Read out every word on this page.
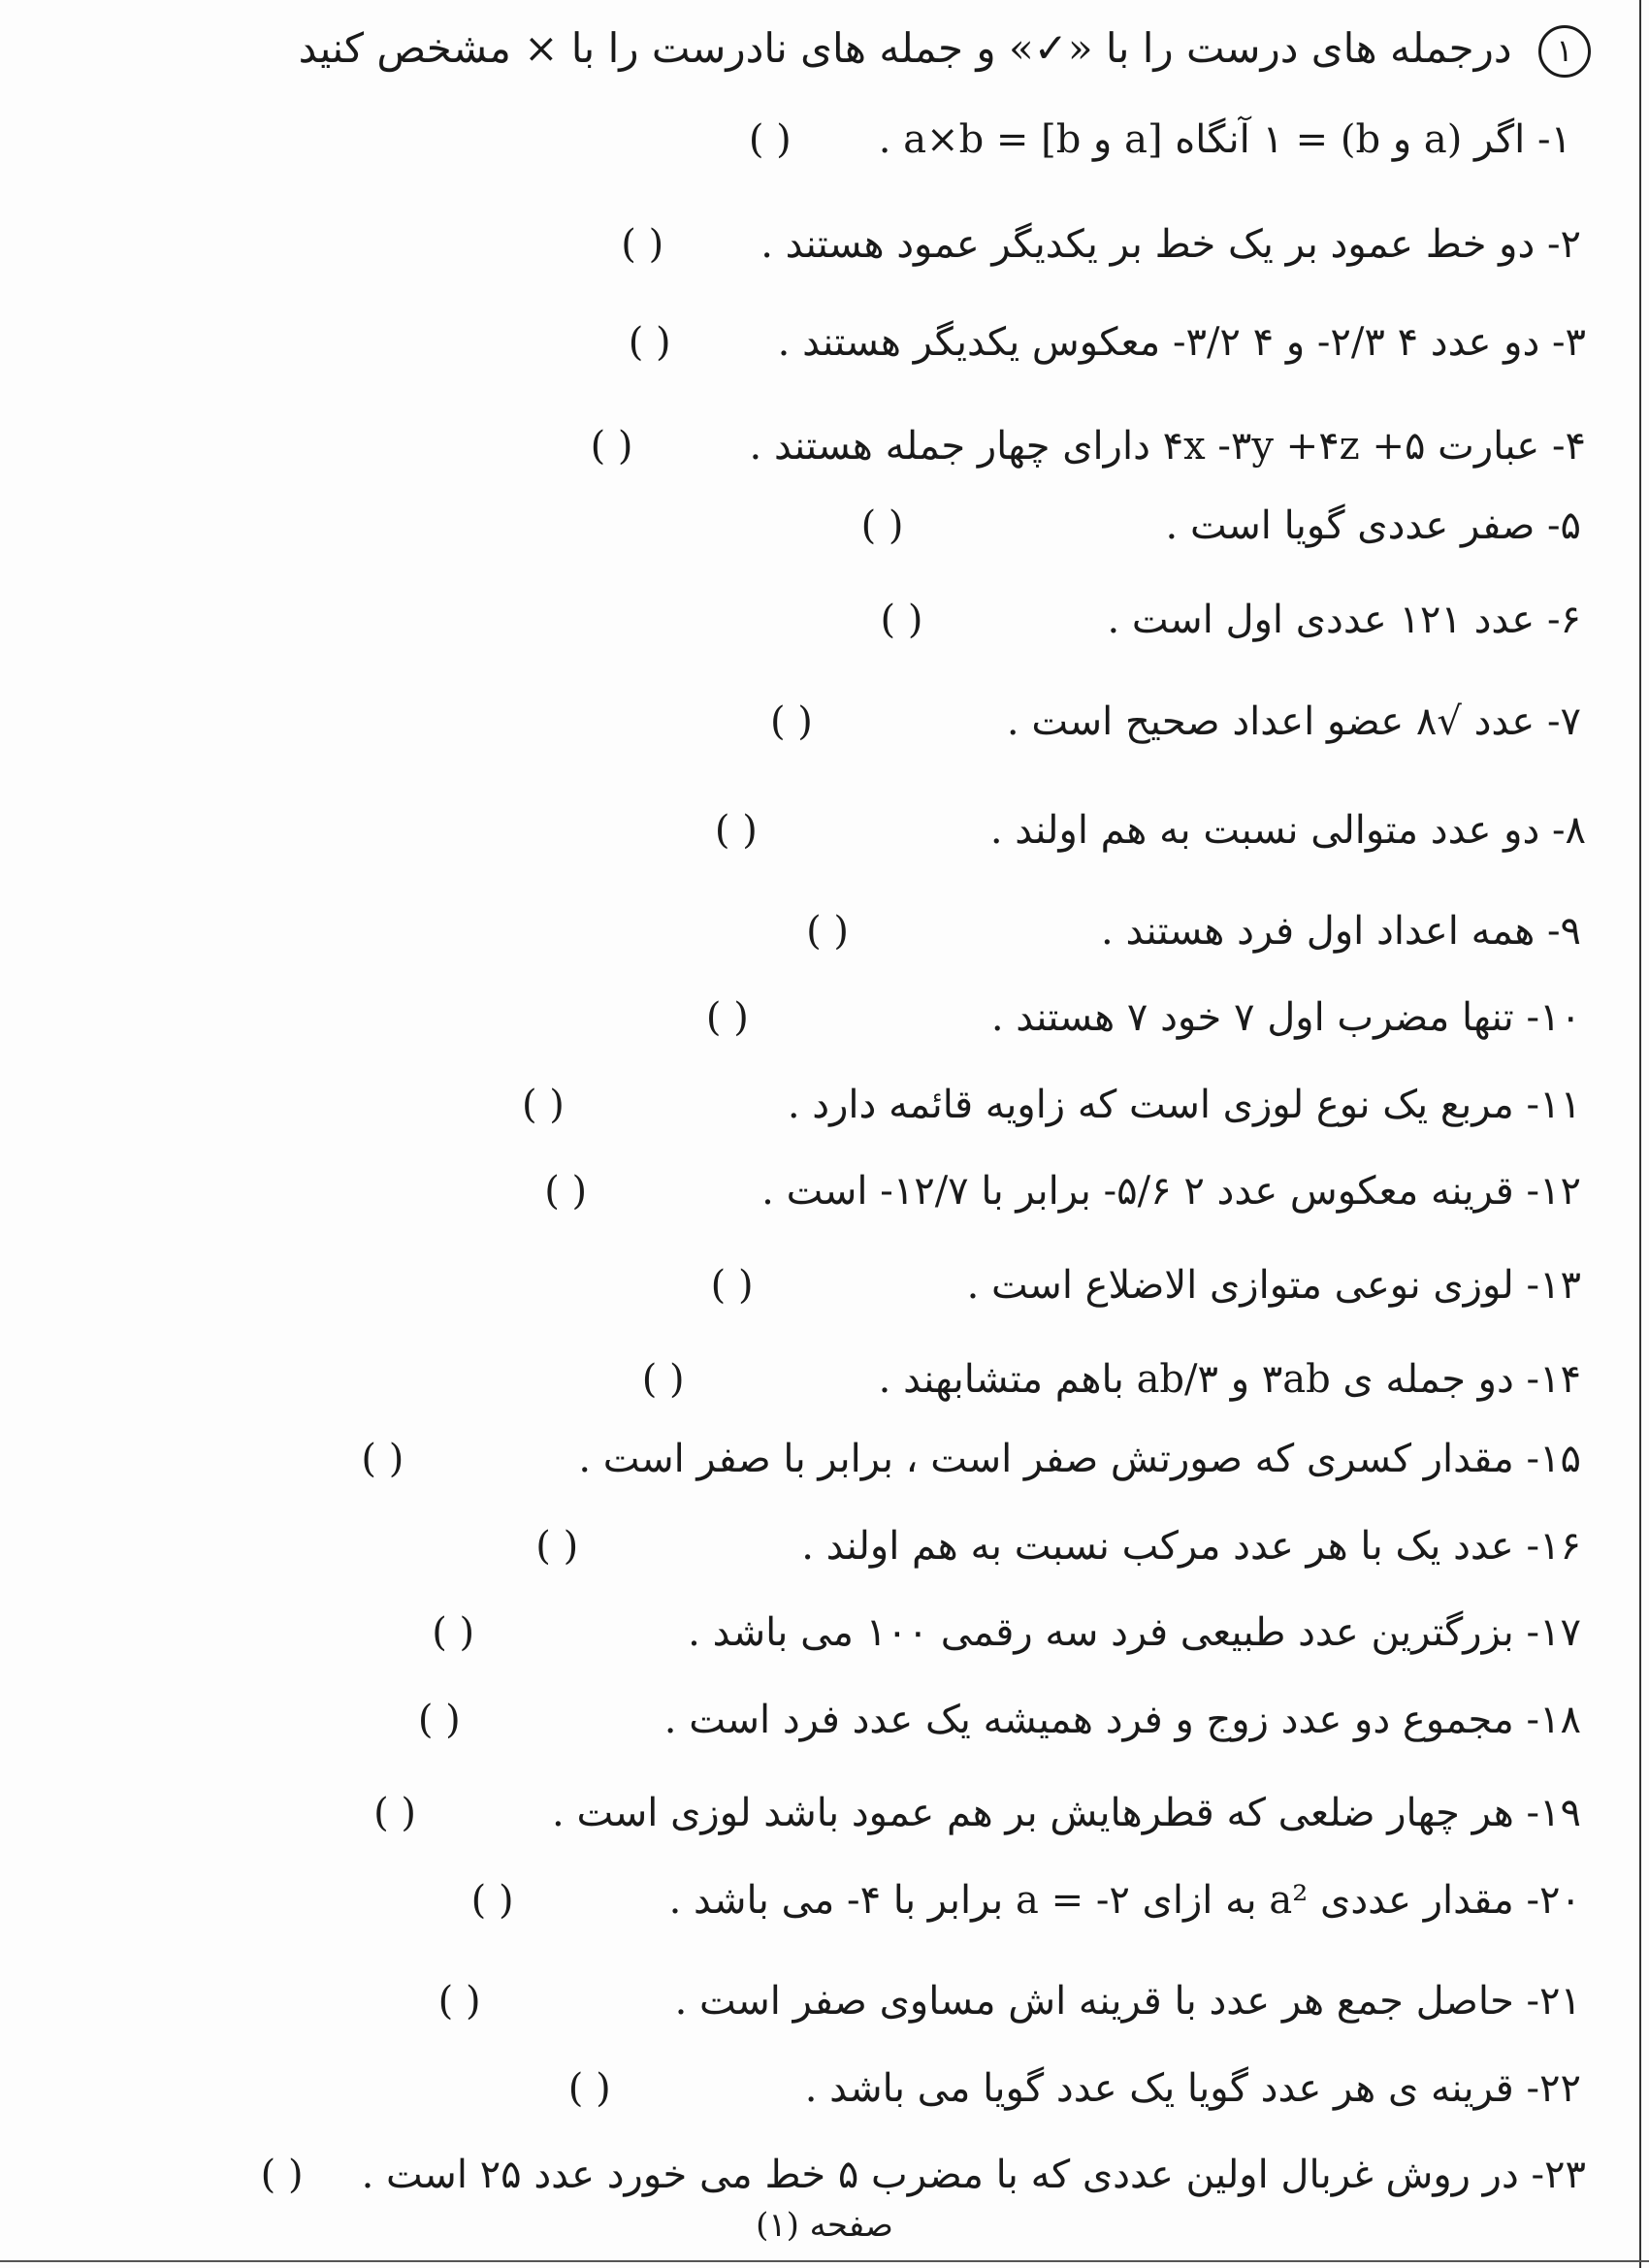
۱ درجمله های درست را با «✓» و جمله های نادرست را با × مشخص کنید
۱- اگر (a و b) = ۱ آنگاه [a و b] = a×b .( )
۲- دو خط عمود بر یک خط بر یکدیگر عمود هستند .( )
۳- دو عدد ۴ ۲/۳- و ۴ ۳/۲- معکوس یکدیگر هستند .( )
۴- عبارت ۴x -۳y +۴z +۵ دارای چهار جمله هستند .( )
۵- صفر عددی گویا است .( )
۶- عدد ۱۲۱ عددی اول است .( )
۷- عدد √۸ عضو اعداد صحیح است .( )
۸- دو عدد متوالی نسبت به هم اولند .( )
۹- همه اعداد اول فرد هستند .( )
۱۰- تنها مضرب اول ۷ خود ۷ هستند .( )
۱۱- مربع یک نوع لوزی است که زاویه قائمه دارد .( )
۱۲- قرینه معکوس عدد ۲ ۵/۶- برابر با ۱۲/۷- است .( )
۱۳- لوزی نوعی متوازی الاضلاع است .( )
۱۴- دو جمله ی ۳ab و ab/۳ باهم متشابهند .( )
۱۵- مقدار کسری که صورتش صفر است ، برابر با صفر است .( )
۱۶- عدد یک با هر عدد مرکب نسبت به هم اولند .( )
۱۷- بزرگترین عدد طبیعی فرد سه رقمی ۱۰۰ می باشد .( )
۱۸- مجموع دو عدد زوج و فرد همیشه یک عدد فرد است .( )
۱۹- هر چهار ضلعی که قطرهایش بر هم عمود باشد لوزی است .( )
۲۰- مقدار عددی a² به ازای a = -۲ برابر با ۴- می باشد .( )
۲۱- حاصل جمع هر عدد با قرینه اش مساوی صفر است .( )
۲۲- قرینه ی هر عدد گویا یک عدد گویا می باشد .( )
۲۳- در روش غربال اولین عددی که با مضرب ۵ خط می خورد عدد ۲۵ است .( )
صفحه (۱)
